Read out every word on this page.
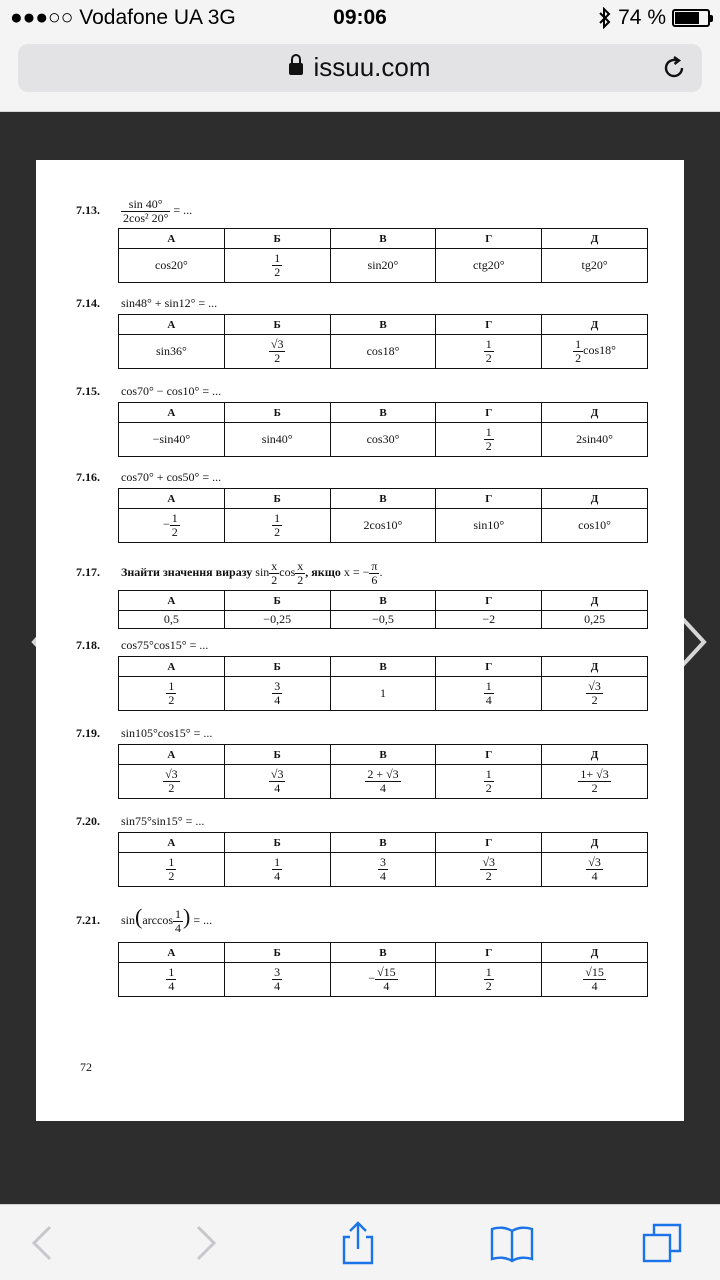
●●●○○ Vodafone UA 3G	09:06	74 %
issuu.com
7.13. $\frac{\sin 40^\circ}{\text{2cos² 20°}}$ = ...
А	Б	В	Г	Д
cos20°	$\frac{1}{2}$	sin20°	ctg20°	tg20°
7.14. sin48° + sin12° = ...
А	Б	В	Г	Д
sin36°	$\frac{√3}{2}$	cos18°	$\frac{1}{2}$	$\frac{1}{2} \cos 18^\circ$
7.15. cos70° − cos10° = ...
А	Б	В	Г	Д
−sin40°	sin40°	cos30°	$\frac{1}{2}$	2sin40°
7.16. cos70° + cos50° = ...
А	Б	В	Г	Д
− $\frac{1}{2}$	$\frac{1}{2}$	2cos10°	sin10°	cos10°
7.17. Знайти значення виразу $\sin \frac{x}{2}$ $\cos \frac{x}{2}$ , якщо x = − $\frac{\pi}{6}$ .
А	Б	В	Г	Д
0,5	−0,25	−0,5	−2	0,25
7.18. cos75°cos15° = ...
А	Б	В	Г	Д

$\frac{1}{2}$	$\frac{3}{4}$	1	$\frac{1}{4}$	$\frac{√3}{2}$
7.19. sin105°cos15° = ...
А	Б	В	Г	Д

$\frac{√3}{2}$	$\frac{√3}{4}$	$\frac{2 + √3}{4}$	$\frac{1}{2}$	$\frac{1+ √3}{2}$
7.20. sin75°sin15° = ...
А	Б	В	Г	Д

$\frac{1}{2}$	$\frac{1}{4}$	$\frac{3}{4}$	$\frac{√3}{2}$	$\frac{√3}{4}$
7.21. $\sin(\arccos \frac{1}{4}$ ) = ...
А	Б	В	Г	Д

$\frac{1}{4}$	$\frac{3}{4}$	− $\frac{√15}{4}$	$\frac{1}{2}$	$\frac{√15}{4}$
72
